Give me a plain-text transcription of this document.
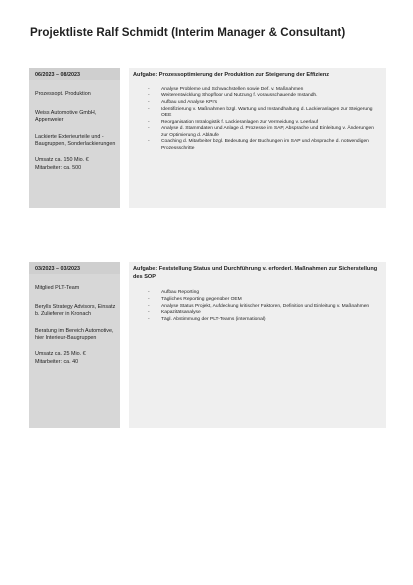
Projektliste Ralf Schmidt (Interim Manager & Consultant)

06/2023 – 08/2023

Prozessopt. Produktion

Weiss Automotive GmbH, Appenweier

Lackierte Exterieurteile und -Baugruppen, Sonderlackierungen

Umsatz ca. 150 Mio. €

Mitarbeiter: ca. 500

Aufgabe: Prozessoptimierung der Produktion zur Steigerung der Effizienz

- Analyse Probleme und Schwachstellen sowie Def. v. Maßnahmen
- Weiterentwicklung Shopfloor und Nutzung f. vorausschauende Instandh.
- Aufbau und Analyse KPI's
- Identifizierung v. Maßnahmen bzgl. Wartung und Instandhaltung d. Lackieranlagen zur Steigerung OEE
- Reorganisation Intralogistik f. Lackieranlagen zur Vermeidung v. Leerlauf
- Analyse d. Stammdaten und Anlage d. Prozesse im SAP, Absprache und Einleitung v. Änderungen zur Optimierung d. Abläufe
- Coaching d. Mitarbeiter bzgl. Bedeutung der Buchungen im SAP und Absprache d. notwendigen Prozessschritte

03/2023 – 03/2023

Mitglied PLT-Team

Berylls Strategy Advisors, Einsatz b. Zulieferer in Kronach

Beratung im Bereich Automotive, hier Interieur-Baugruppen

Umsatz ca. 25 Mio. €

Mitarbeiter: ca. 40

Aufgabe: Feststellung Status und Durchführung v. erforderl. Maßnahmen zur Sicherstellung des SOP

- Aufbau Reporting
- Tägliches Reporting gegenüber OEM
- Analyse Status Projekt, Aufdeckung kritischer Faktoren, Definition und Einleitung v. Maßnahmen
- Kapazitätsanalyse
- Tägl. Abstimmung der PLT-Teams (international)
